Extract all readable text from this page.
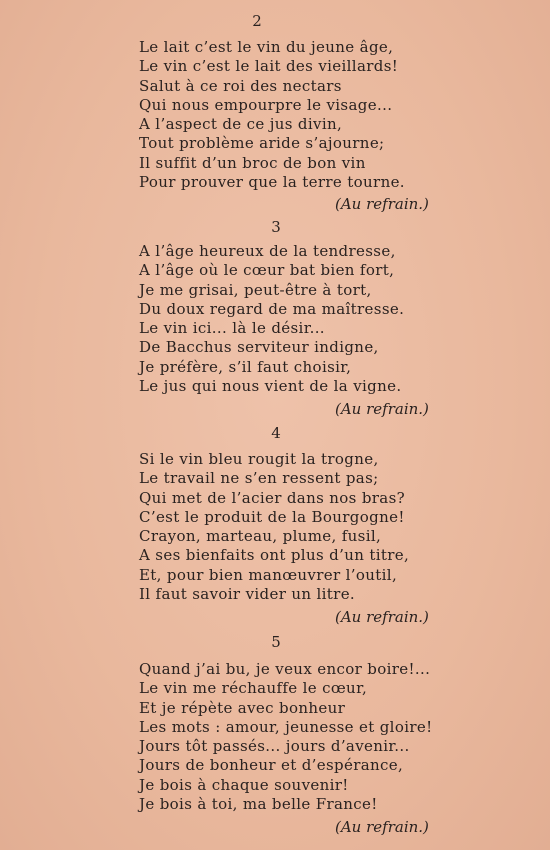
2
Le lait c’est le vin du jeune âge,
Le vin c’est le lait des vieillards!
Salut à ce roi des nectars
Qui nous empourpre le visage...
A l’aspect de ce jus divin,
Tout problème aride s’ajourne;
Il suffit d’un broc de bon vin
Pour prouver que la terre tourne.
(Au refrain.)
3
A l’âge heureux de la tendresse,
A l’âge où le cœur bat bien fort,
Je me grisai, peut-être à tort,
Du doux regard de ma maîtresse.
Le vin ici... là le désir...
De Bacchus serviteur indigne,
Je préfère, s’il faut choisir,
Le jus qui nous vient de la vigne.
(Au refrain.)
4
Si le vin bleu rougit la trogne,
Le travail ne s’en ressent pas;
Qui met de l’acier dans nos bras?
C’est le produit de la Bourgogne!
Crayon, marteau, plume, fusil,
A ses bienfaits ont plus d’un titre,
Et, pour bien manœuvrer l’outil,
Il faut savoir vider un litre.
(Au refrain.)
5
Quand j’ai bu, je veux encor boire!...
Le vin me réchauffe le cœur,
Et je répète avec bonheur
Les mots : amour, jeunesse et gloire!
Jours tôt passés... jours d’avenir...
Jours de bonheur et d’espérance,
Je bois à chaque souvenir!
Je bois à toi, ma belle France!
(Au refrain.)
